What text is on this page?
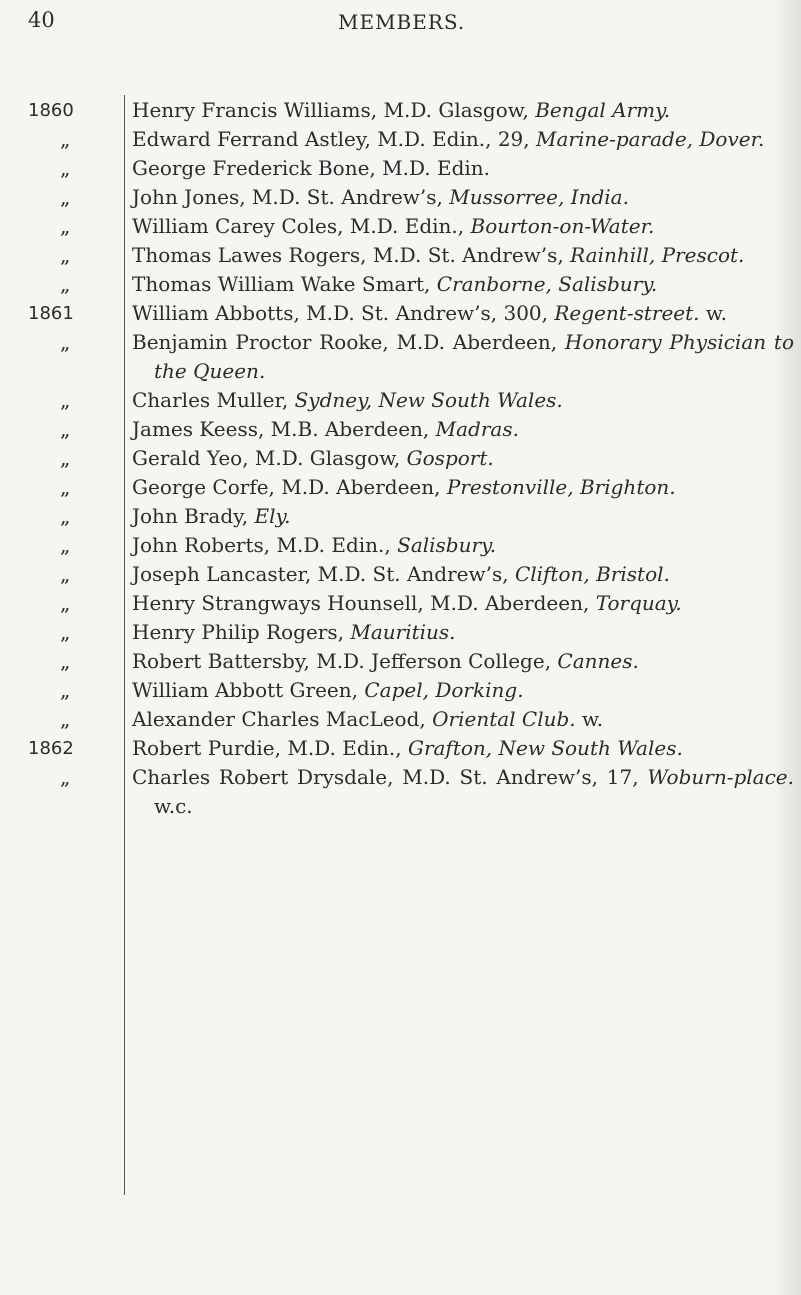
40	MEMBERS.
1860	Henry Francis Williams, M.D. Glasgow, Bengal Army.
„	Edward Ferrand Astley, M.D. Edin., 29, Marine-parade, Dover.
„	George Frederick Bone, M.D. Edin.
„	John Jones, M.D. St. Andrew’s, Mussorree, India.
„	William Carey Coles, M.D. Edin., Bourton-on-Water.
„	Thomas Lawes Rogers, M.D. St. Andrew’s, Rainhill, Prescot.
„	Thomas William Wake Smart, Cranborne, Salisbury.
1861	William Abbotts, M.D. St. Andrew’s, 300, Regent-street. w.
„	Benjamin Proctor Rooke, M.D. Aberdeen, Honorary Physician to the Queen.
„	Charles Muller, Sydney, New South Wales.
„	James Keess, M.B. Aberdeen, Madras.
„	Gerald Yeo, M.D. Glasgow, Gosport.
„	George Corfe, M.D. Aberdeen, Prestonville, Brighton.
„	John Brady, Ely.
„	John Roberts, M.D. Edin., Salisbury.
„	Joseph Lancaster, M.D. St. Andrew’s, Clifton, Bristol.
„	Henry Strangways Hounsell, M.D. Aberdeen, Torquay.
„	Henry Philip Rogers, Mauritius.
„	Robert Battersby, M.D. Jefferson College, Cannes.
„	William Abbott Green, Capel, Dorking.
„	Alexander Charles MacLeod, Oriental Club. w.
1862	Robert Purdie, M.D. Edin., Grafton, New South Wales.
„	Charles Robert Drysdale, M.D. St. Andrew’s, 17, Woburn-place. w.c.
